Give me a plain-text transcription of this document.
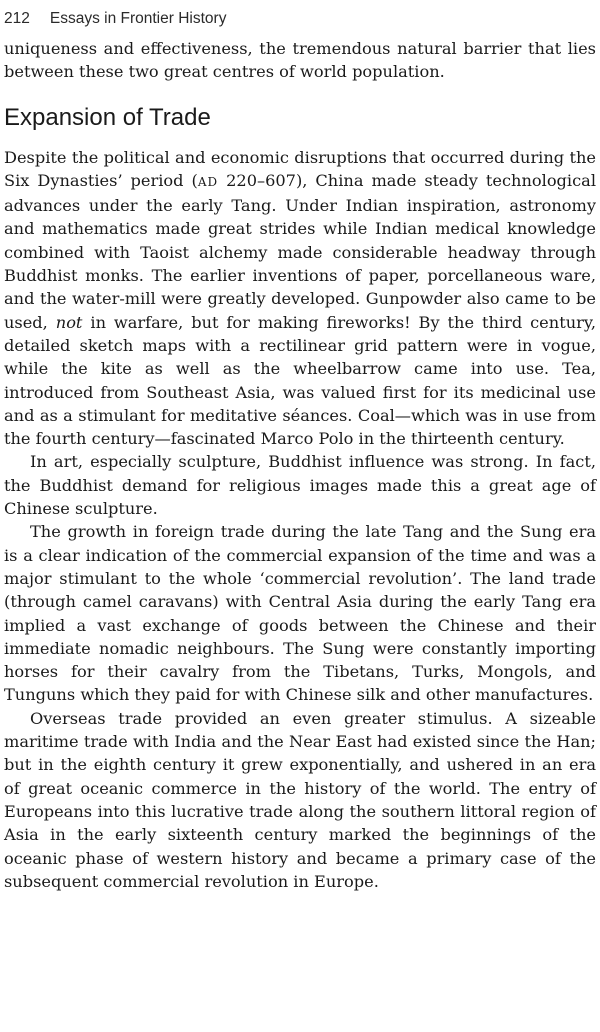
212 Essays in Frontier History

uniqueness and effectiveness, the tremendous natural barrier that lies between these two great centres of world population.

Expansion of Trade

Despite the political and economic disruptions that occurred during the Six Dynasties’ period (AD 220–607), China made steady technological advances under the early Tang. Under Indian inspiration, astronomy and mathematics made great strides while Indian medical knowledge combined with Taoist alchemy made considerable headway through Buddhist monks. The earlier inventions of paper, porcellaneous ware, and the water-mill were greatly developed. Gunpowder also came to be used, not in warfare, but for making fireworks! By the third century, detailed sketch maps with a rectilinear grid pattern were in vogue, while the kite as well as the wheelbarrow came into use. Tea, introduced from Southeast Asia, was valued first for its medicinal use and as a stimulant for meditative séances. Coal—which was in use from the fourth century—fascinated Marco Polo in the thirteenth century.

In art, especially sculpture, Buddhist influence was strong. In fact, the Buddhist demand for religious images made this a great age of Chinese sculpture.

The growth in foreign trade during the late Tang and the Sung era is a clear indication of the commercial expansion of the time and was a major stimulant to the whole ‘commercial revolution’. The land trade (through camel caravans) with Central Asia during the early Tang era implied a vast exchange of goods between the Chinese and their immediate nomadic neighbours. The Sung were constantly importing horses for their cavalry from the Tibetans, Turks, Mongols, and Tunguns which they paid for with Chinese silk and other manufactures.

Overseas trade provided an even greater stimulus. A sizeable maritime trade with India and the Near East had existed since the Han; but in the eighth century it grew exponentially, and ushered in an era of great oceanic commerce in the history of the world. The entry of Europeans into this lucrative trade along the southern littoral region of Asia in the early sixteenth century marked the beginnings of the oceanic phase of western history and became a primary case of the subsequent commercial revolution in Europe.
